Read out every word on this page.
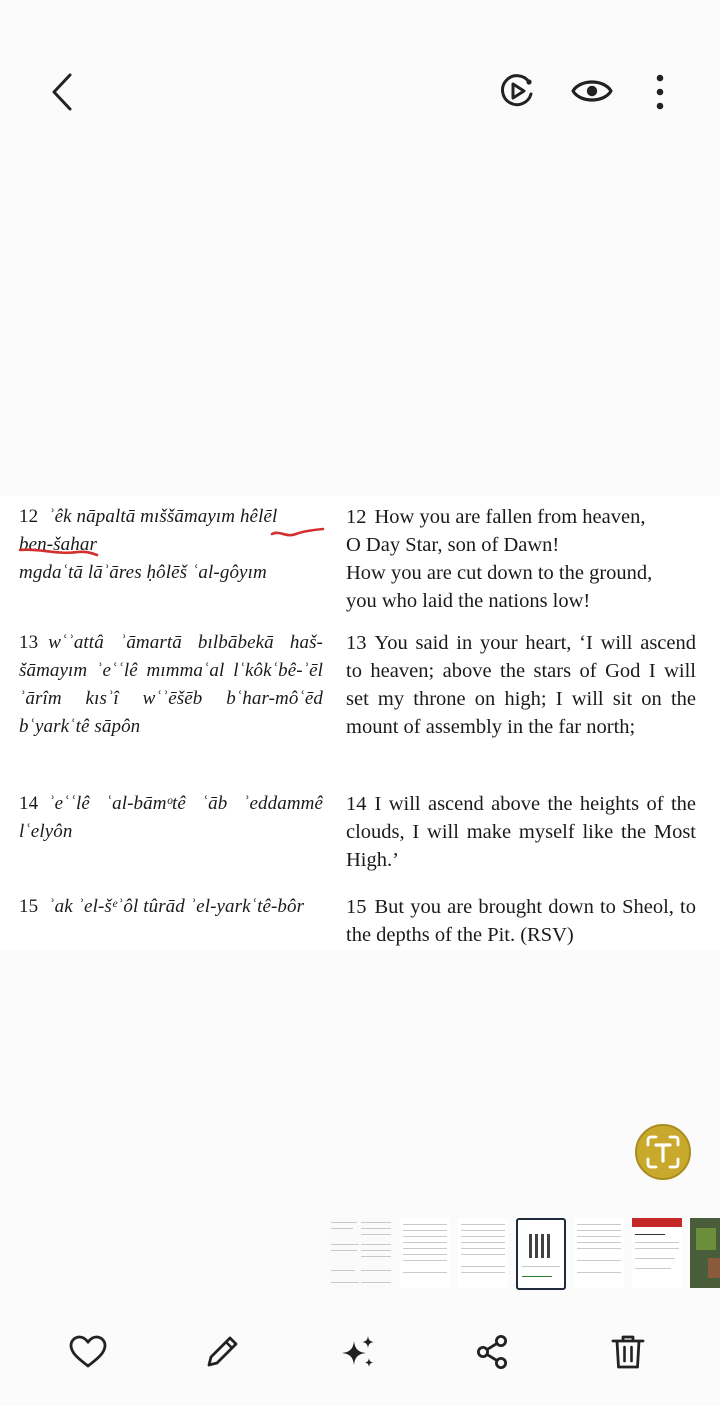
12 ʾêk nāpaltā mıššāmayım hêlēl
ben-šaḥar
mgdaʿtā lāʾāres ḥôlēš ʿal-gôyım
12 How you are fallen from heaven,
O Day Star, son of Dawn!
How you are cut down to the ground,
you who laid the nations low!
13 wʿʾattâ ʾāmartā bılbābekā haš-šāmayım ʾeʿʿlê mımmaʿal lʿkôkʿbê-ʾēl ʾārîm kısʾî wʿʾēšēb bʿhar-môʿēd bʿyarkʿtê sāpôn
13 You said in your heart, ‘I will ascend to heaven; above the stars of God I will set my throne on high; I will sit on the mount of assembly in the far north;
14 ʾeʿʿlê ʿal-bāmᵒtê ʿāb ʾeddammê lʿelyôn
14 I will ascend above the heights of the clouds, I will make myself like the Most High.’
15 ʾak ʾel-šᵉʾôl tûrād ʾel-yarkʿtê-bôr	15 But you are brought down to Sheol, to the depths of the Pit. (RSV)
